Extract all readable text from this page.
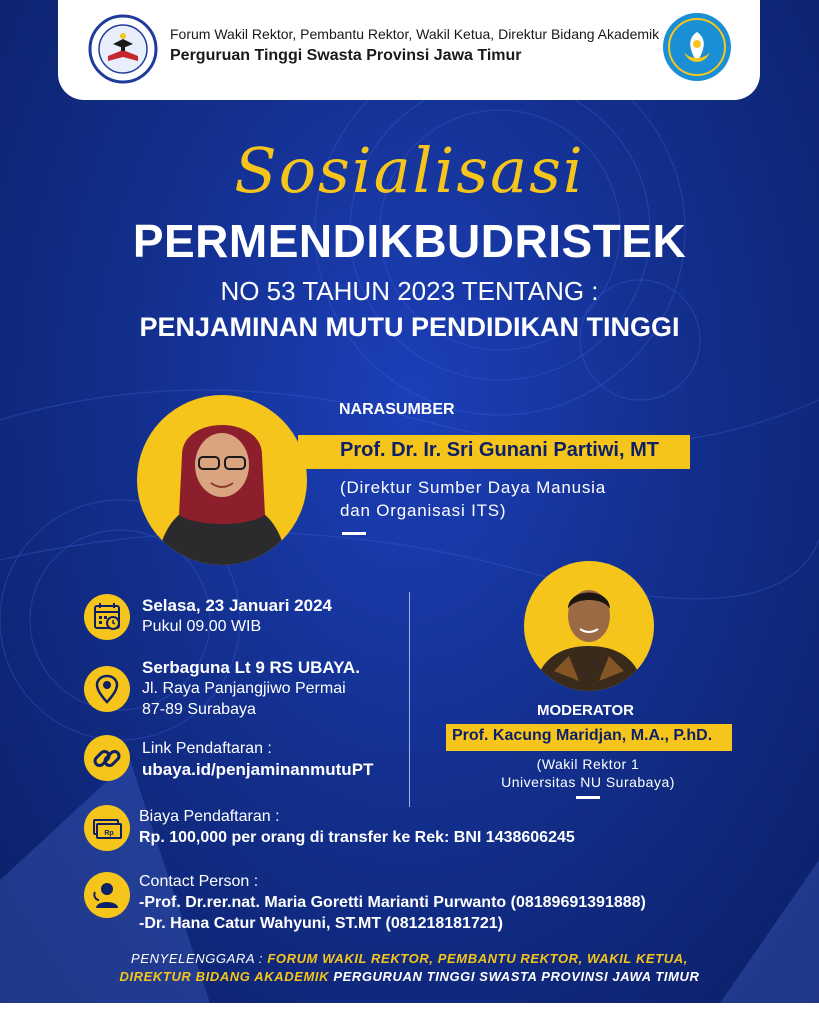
Forum Wakil Rektor, Pembantu Rektor, Wakil Ketua, Direktur Bidang Akademik
Perguruan Tinggi Swasta Provinsi Jawa Timur
Sosialisasi
PERMENDIKBUDRISTEK
NO 53 TAHUN 2023 TENTANG :
PENJAMINAN MUTU PENDIDIKAN TINGGI
NARASUMBER
Prof. Dr. Ir. Sri Gunani Partiwi, MT
(Direktur Sumber Daya Manusia
dan Organisasi ITS)
Selasa, 23 Januari 2024
Pukul 09.00 WIB
Serbaguna Lt 9 RS UBAYA.
Jl. Raya Panjangjiwo Permai
87-89 Surabaya
Link Pendaftaran :
ubaya.id/penjaminanmutuPT
Rp
Biaya Pendaftaran :
Rp. 100,000 per orang di transfer ke Rek: BNI 1438606245
Contact Person :
-Prof. Dr.rer.nat. Maria Goretti Marianti Purwanto (08189691391888)
-Dr. Hana Catur Wahyuni, ST.MT (081218181721)
MODERATOR
Prof. Kacung Maridjan, M.A., P.hD.
(Wakil Rektor 1
Universitas NU Surabaya)
PENYELENGGARA : FORUM WAKIL REKTOR, PEMBANTU REKTOR, WAKIL KETUA,
DIREKTUR BIDANG AKADEMIK PERGURUAN TINGGI SWASTA PROVINSI JAWA TIMUR
